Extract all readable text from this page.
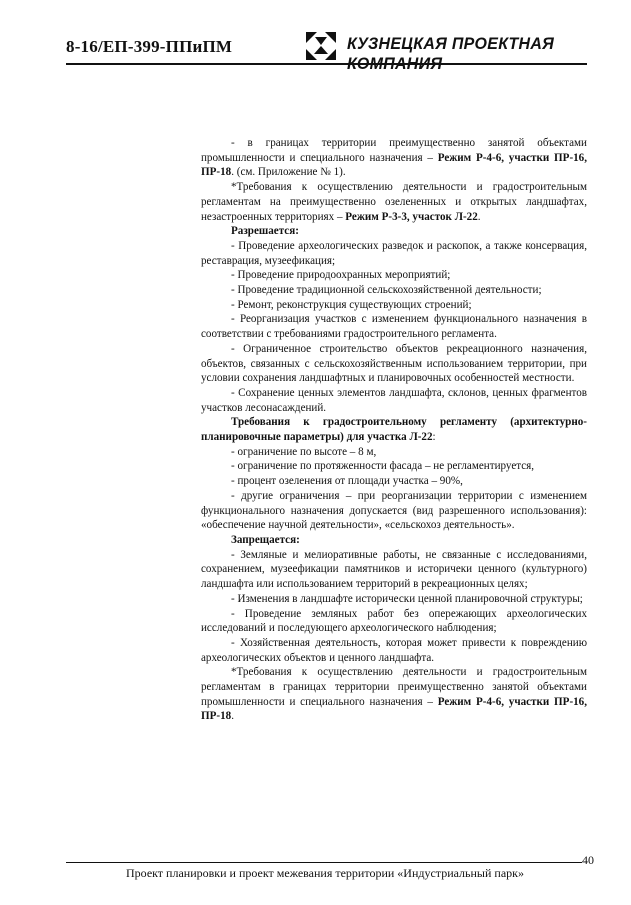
8-16/ЕП-399-ППиПМ	КУЗНЕЦКАЯ ПРОЕКТНАЯ КОМПАНИЯ

- в границах территории преимущественно занятой объектами промышленности и специального назначения – Режим Р-4-6, участки ПР-16, ПР-18. (см. Приложение № 1).

*Требования к осуществлению деятельности и градостроительным регламентам на преимущественно озелененных и открытых ландшафтах, незастроенных территориях – Режим Р-3-3, участок Л-22.

Разрешается:

- Проведение археологических разведок и раскопок, а также консервация, реставрация, музеефикация;

- Проведение природоохранных мероприятий;

- Проведение традиционной сельскохозяйственной деятельности;

- Ремонт, реконструкция существующих строений;

- Реорганизация участков с изменением функционального назначения в соответствии с требованиями градостроительного регламента.

- Ограниченное строительство объектов рекреационного назначения, объектов, связанных с сельскохозяйственным использованием территории, при условии сохранения ландшафтных и планировочных особенностей местности.

- Сохранение ценных элементов ландшафта, склонов, ценных фрагментов участков лесонасаждений.

Требования к градостроительному регламенту (архитектурно-планировочные параметры) для участка Л-22:

- ограничение по высоте – 8 м,

- ограничение по протяженности фасада – не регламентируется,

- процент озеленения от площади участка – 90%,

- другие ограничения – при реорганизации территории с изменением функционального назначения допускается (вид разрешенного использования): «обеспечение научной деятельности», «сельскохоз деятельность».

Запрещается:

- Земляные и мелиоративные работы, не связанные с исследованиями, сохранением, музеефикации памятников и историчеки ценного (культурного) ландшафта или использованием территорий в рекреационных целях;

- Изменения в ландшафте исторически ценной планировочной структуры;

- Проведение земляных работ без опережающих археологических исследований и последующего археологического наблюдения;

- Хозяйственная деятельность, которая может привести к повреждению археологических объектов и ценного ландшафта.

*Требования к осуществлению деятельности и градостроительным регламентам в границах территории преимущественно занятой объектами промышленности и специального назначения – Режим Р-4-6, участки ПР-16, ПР-18.

40
Проект планировки и проект межевания территории «Индустриальный парк»
